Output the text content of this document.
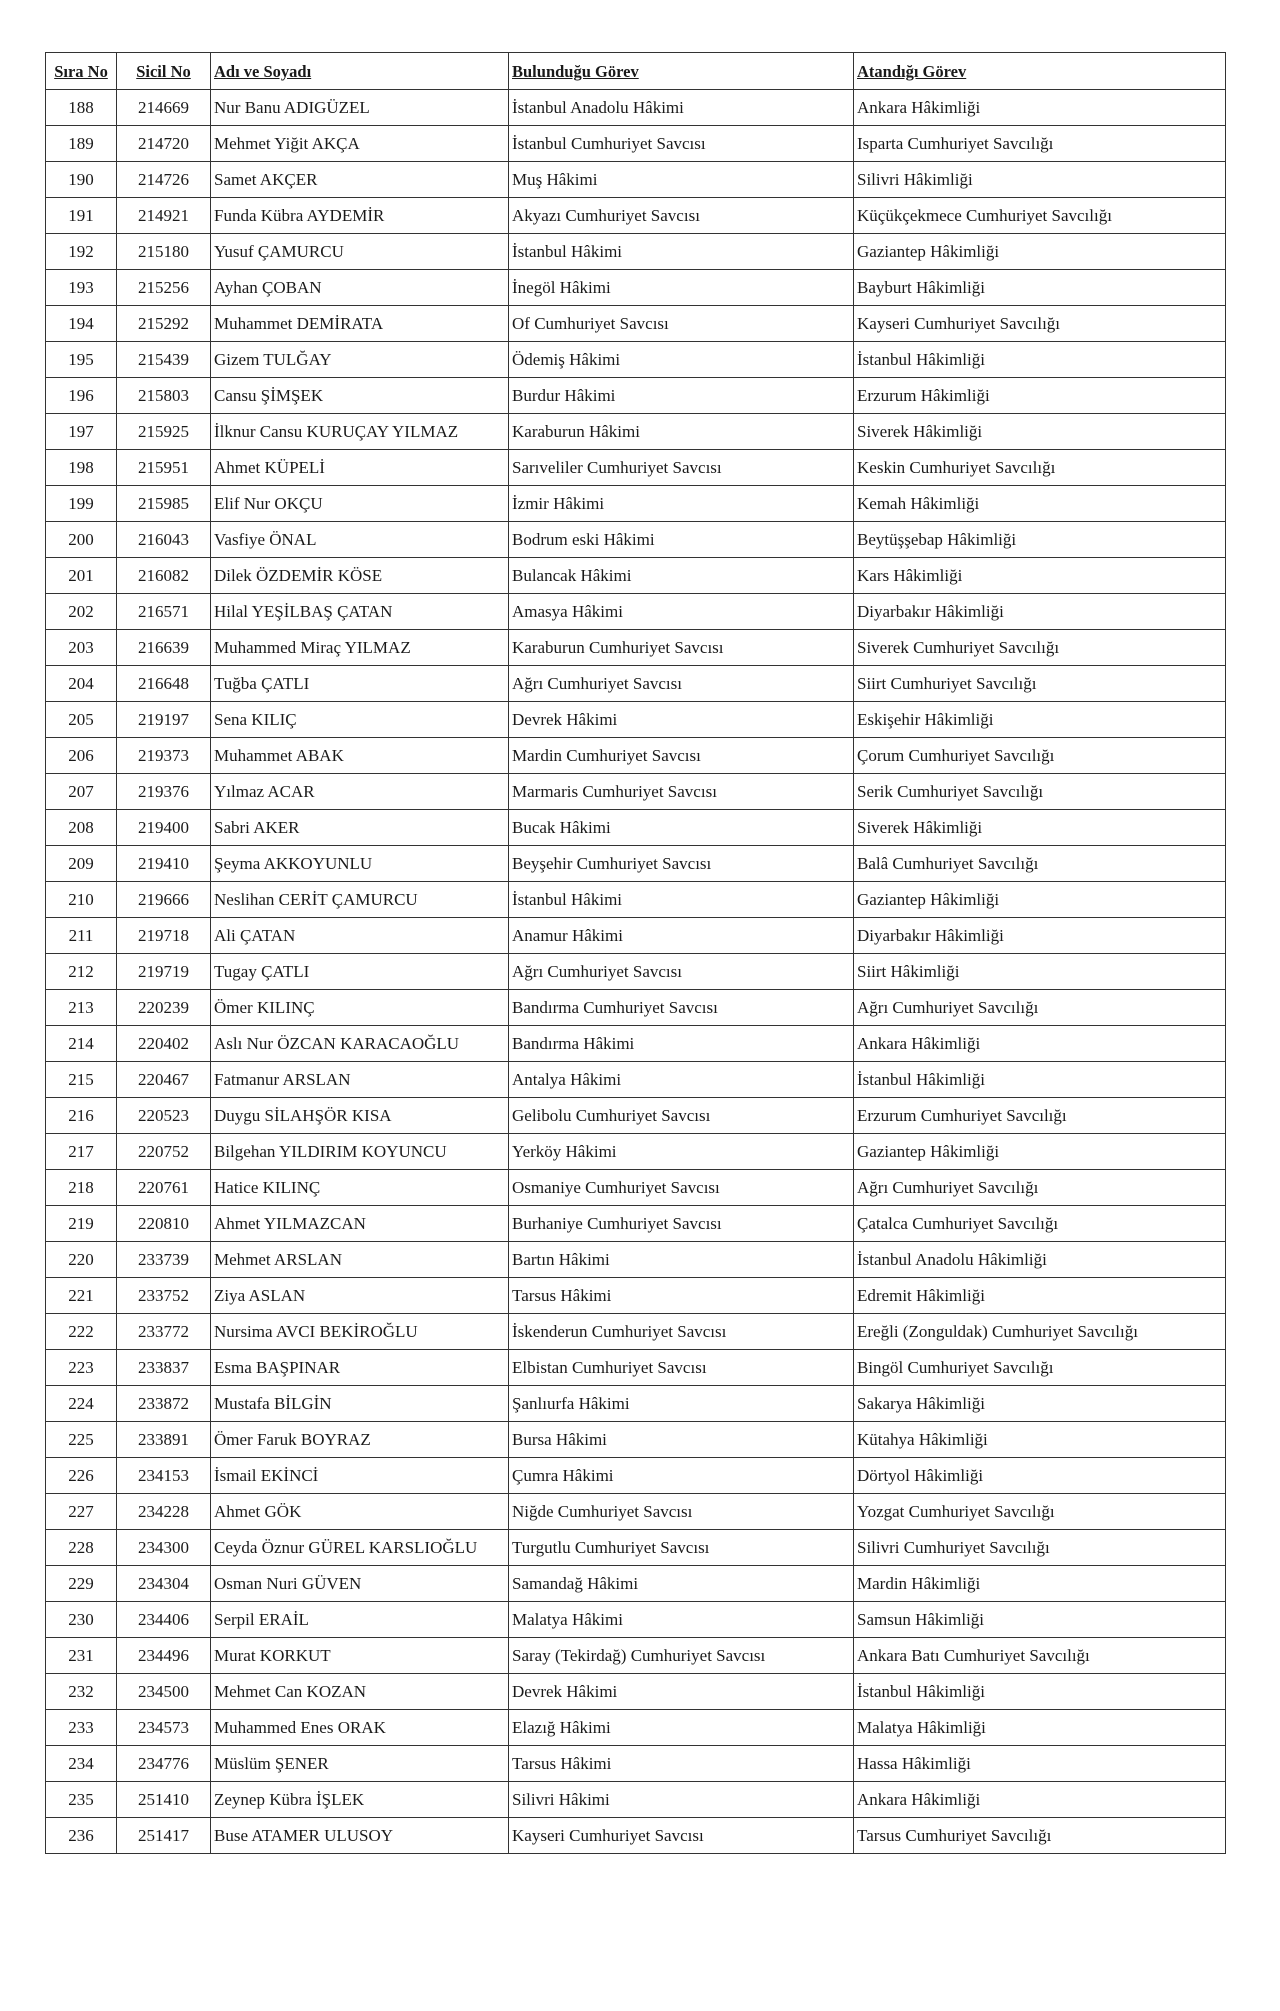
Sıra No	Sicil No	Adı ve Soyadı	Bulunduğu Görev	Atandığı Görev
188	214669	Nur Banu ADIGÜZEL	İstanbul Anadolu Hâkimi	Ankara Hâkimliği
189	214720	Mehmet Yiğit AKÇA	İstanbul Cumhuriyet Savcısı	Isparta Cumhuriyet Savcılığı
190	214726	Samet AKÇER	Muş Hâkimi	Silivri Hâkimliği
191	214921	Funda Kübra AYDEMİR	Akyazı Cumhuriyet Savcısı	Küçükçekmece Cumhuriyet Savcılığı
192	215180	Yusuf ÇAMURCU	İstanbul Hâkimi	Gaziantep Hâkimliği
193	215256	Ayhan ÇOBAN	İnegöl Hâkimi	Bayburt Hâkimliği
194	215292	Muhammet DEMİRATA	Of Cumhuriyet Savcısı	Kayseri Cumhuriyet Savcılığı
195	215439	Gizem TULĞAY	Ödemiş Hâkimi	İstanbul Hâkimliği
196	215803	Cansu ŞİMŞEK	Burdur Hâkimi	Erzurum Hâkimliği
197	215925	İlknur Cansu KURUÇAY YILMAZ	Karaburun Hâkimi	Siverek Hâkimliği
198	215951	Ahmet KÜPELİ	Sarıveliler Cumhuriyet Savcısı	Keskin Cumhuriyet Savcılığı
199	215985	Elif Nur OKÇU	İzmir Hâkimi	Kemah Hâkimliği
200	216043	Vasfiye ÖNAL	Bodrum eski Hâkimi	Beytüşşebap Hâkimliği
201	216082	Dilek ÖZDEMİR KÖSE	Bulancak Hâkimi	Kars Hâkimliği
202	216571	Hilal YEŞİLBAŞ ÇATAN	Amasya Hâkimi	Diyarbakır Hâkimliği
203	216639	Muhammed Miraç YILMAZ	Karaburun Cumhuriyet Savcısı	Siverek Cumhuriyet Savcılığı
204	216648	Tuğba ÇATLI	Ağrı Cumhuriyet Savcısı	Siirt Cumhuriyet Savcılığı
205	219197	Sena KILIÇ	Devrek Hâkimi	Eskişehir Hâkimliği
206	219373	Muhammet ABAK	Mardin Cumhuriyet Savcısı	Çorum Cumhuriyet Savcılığı
207	219376	Yılmaz ACAR	Marmaris Cumhuriyet Savcısı	Serik Cumhuriyet Savcılığı
208	219400	Sabri AKER	Bucak Hâkimi	Siverek Hâkimliği
209	219410	Şeyma AKKOYUNLU	Beyşehir Cumhuriyet Savcısı	Balâ Cumhuriyet Savcılığı
210	219666	Neslihan CERİT ÇAMURCU	İstanbul Hâkimi	Gaziantep Hâkimliği
211	219718	Ali ÇATAN	Anamur Hâkimi	Diyarbakır Hâkimliği
212	219719	Tugay ÇATLI	Ağrı Cumhuriyet Savcısı	Siirt Hâkimliği
213	220239	Ömer KILINÇ	Bandırma Cumhuriyet Savcısı	Ağrı Cumhuriyet Savcılığı
214	220402	Aslı Nur ÖZCAN KARACAOĞLU	Bandırma Hâkimi	Ankara Hâkimliği
215	220467	Fatmanur ARSLAN	Antalya Hâkimi	İstanbul Hâkimliği
216	220523	Duygu SİLAHŞÖR KISA	Gelibolu Cumhuriyet Savcısı	Erzurum Cumhuriyet Savcılığı
217	220752	Bilgehan YILDIRIM KOYUNCU	Yerköy Hâkimi	Gaziantep Hâkimliği
218	220761	Hatice KILINÇ	Osmaniye Cumhuriyet Savcısı	Ağrı Cumhuriyet Savcılığı
219	220810	Ahmet YILMAZCAN	Burhaniye Cumhuriyet Savcısı	Çatalca Cumhuriyet Savcılığı
220	233739	Mehmet ARSLAN	Bartın Hâkimi	İstanbul Anadolu Hâkimliği
221	233752	Ziya ASLAN	Tarsus Hâkimi	Edremit Hâkimliği
222	233772	Nursima AVCI BEKİROĞLU	İskenderun Cumhuriyet Savcısı	Ereğli (Zonguldak) Cumhuriyet Savcılığı
223	233837	Esma BAŞPINAR	Elbistan Cumhuriyet Savcısı	Bingöl Cumhuriyet Savcılığı
224	233872	Mustafa BİLGİN	Şanlıurfa Hâkimi	Sakarya Hâkimliği
225	233891	Ömer Faruk BOYRAZ	Bursa Hâkimi	Kütahya Hâkimliği
226	234153	İsmail EKİNCİ	Çumra Hâkimi	Dörtyol Hâkimliği
227	234228	Ahmet GÖK	Niğde Cumhuriyet Savcısı	Yozgat Cumhuriyet Savcılığı
228	234300	Ceyda Öznur GÜREL KARSLIOĞLU	Turgutlu Cumhuriyet Savcısı	Silivri Cumhuriyet Savcılığı
229	234304	Osman Nuri GÜVEN	Samandağ Hâkimi	Mardin Hâkimliği
230	234406	Serpil ERAİL	Malatya Hâkimi	Samsun Hâkimliği
231	234496	Murat KORKUT	Saray (Tekirdağ) Cumhuriyet Savcısı	Ankara Batı Cumhuriyet Savcılığı
232	234500	Mehmet Can KOZAN	Devrek Hâkimi	İstanbul Hâkimliği
233	234573	Muhammed Enes ORAK	Elazığ Hâkimi	Malatya Hâkimliği
234	234776	Müslüm ŞENER	Tarsus Hâkimi	Hassa Hâkimliği
235	251410	Zeynep Kübra İŞLEK	Silivri Hâkimi	Ankara Hâkimliği
236	251417	Buse ATAMER ULUSOY	Kayseri Cumhuriyet Savcısı	Tarsus Cumhuriyet Savcılığı
